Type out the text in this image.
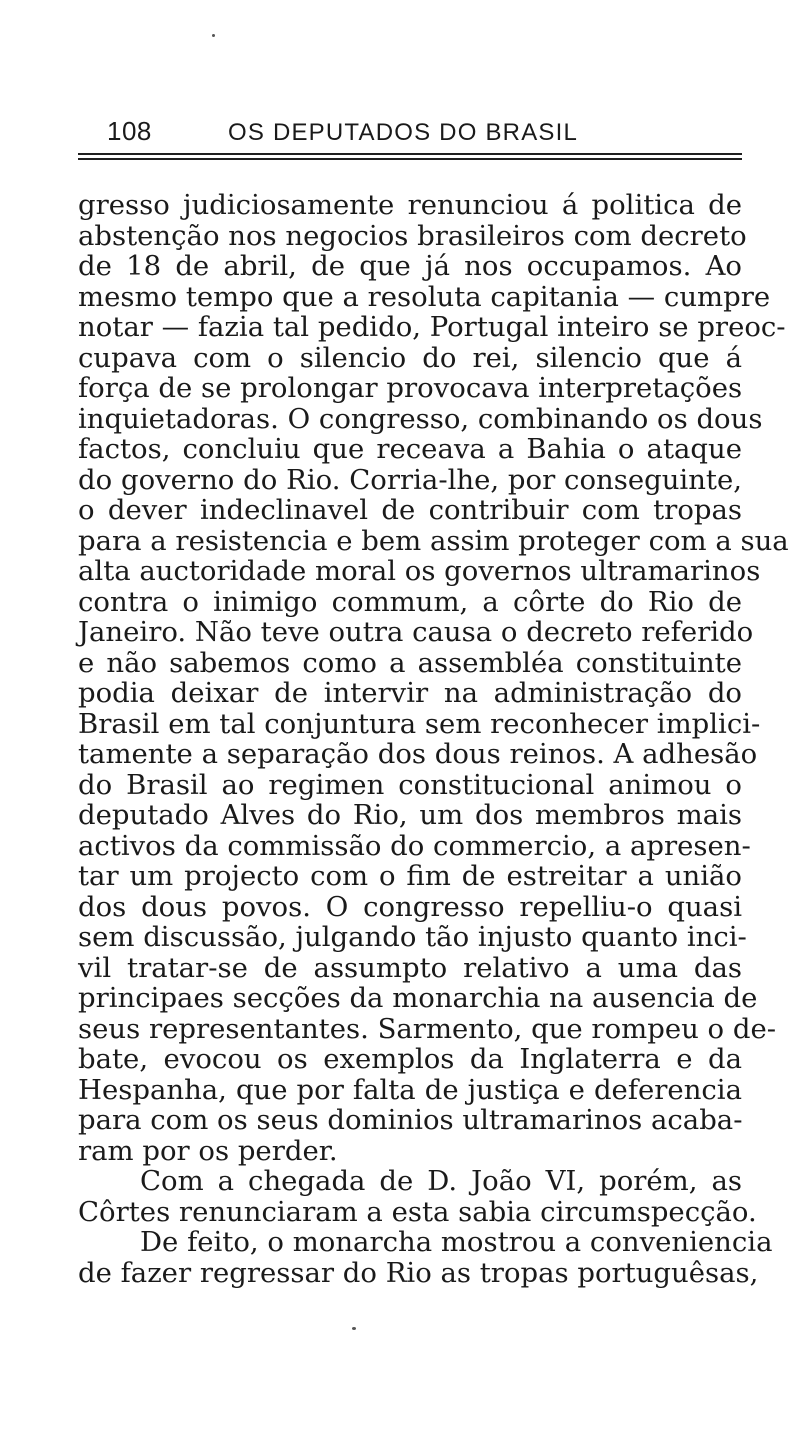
108	OS DEPUTADOS DO BRASIL
gresso judiciosamente renunciou á politica de
abstenção nos negocios brasileiros com decreto
de 18 de abril, de que já nos occupamos. Ao
mesmo tempo que a resoluta capitania — cumpre
notar — fazia tal pedido, Portugal inteiro se preoc-
cupava com o silencio do rei, silencio que á
força de se prolongar provocava interpretações
inquietadoras. O congresso, combinando os dous
factos, concluiu que receava a Bahia o ataque
do governo do Rio. Corria-lhe, por conseguinte,
o dever indeclinavel de contribuir com tropas
para a resistencia e bem assim proteger com a sua
alta auctoridade moral os governos ultramarinos
contra o inimigo commum, a côrte do Rio de
Janeiro. Não teve outra causa o decreto referido
e não sabemos como a assembléa constituinte
podia deixar de intervir na administração do
Brasil em tal conjuntura sem reconhecer implici-
tamente a separação dos dous reinos. A adhesão
do Brasil ao regimen constitucional animou o
deputado Alves do Rio, um dos membros mais
activos da commissão do commercio, a apresen-
tar um projecto com o fim de estreitar a união
dos dous povos. O congresso repelliu-o quasi
sem discussão, julgando tão injusto quanto inci-
vil tratar-se de assumpto relativo a uma das
principaes secções da monarchia na ausencia de
seus representantes. Sarmento, que rompeu o de-
bate, evocou os exemplos da Inglaterra e da
Hespanha, que por falta de justiça e deferencia
para com os seus dominios ultramarinos acaba-
ram por os perder.
Com a chegada de D. João VI, porém, as
Côrtes renunciaram a esta sabia circumspecção.
De feito, o monarcha mostrou a conveniencia
de fazer regressar do Rio as tropas portuguêsas,
